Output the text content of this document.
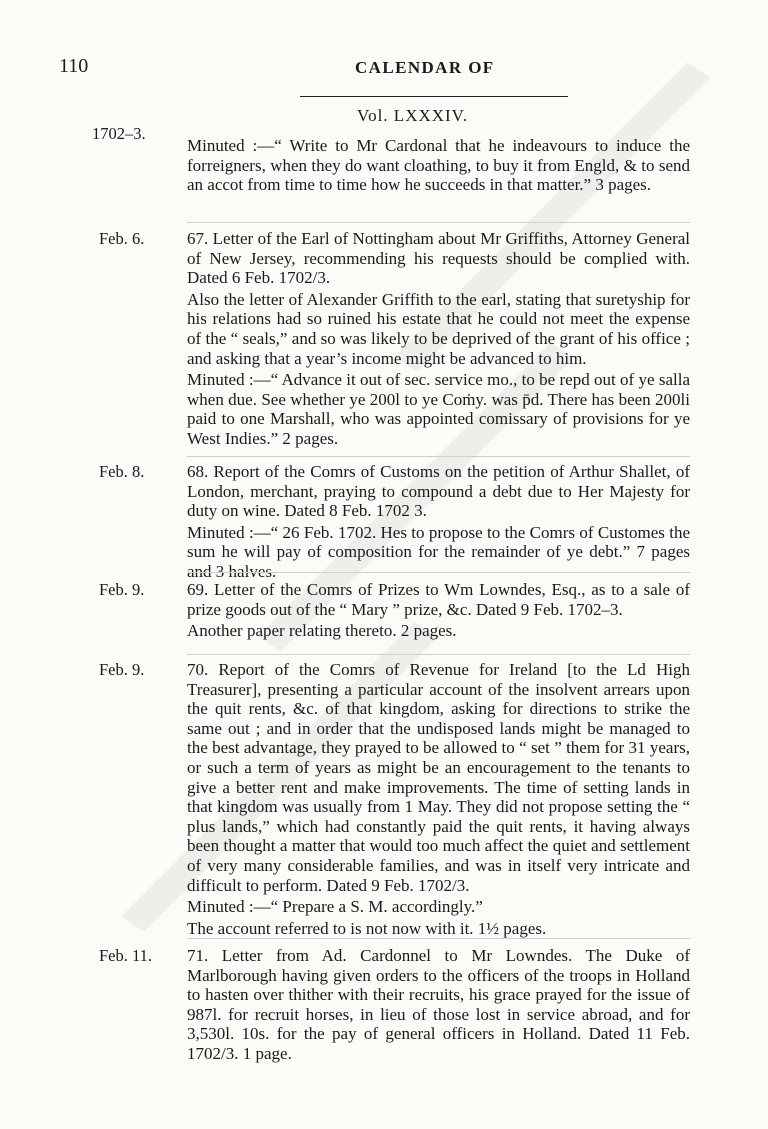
110	CALENDAR OF
Vol. LXXXIV.
1702–3.

Minuted :—“ Write to Mr Cardonal that he indeavours to induce the forreigners, when they do want cloathing, to buy it from Engld, & to send an accot from time to time how he succeeds in that matter.” 3 pages.

Feb. 6.	67. Letter of the Earl of Nottingham about Mr Griffiths, Attorney General of New Jersey, recommending his requests should be complied with. Dated 6 Feb. 1702/3.

Also the letter of Alexander Griffith to the earl, stating that suretyship for his relations had so ruined his estate that he could not meet the expense of the “ seals,” and so was likely to be deprived of the grant of his office ; and asking that a year’s income might be advanced to him.

Minuted :—“ Advance it out of sec. service mo., to be repd out of ye salla when due. See whether ye 200l to ye Coṁy. was p̄d. There has been 200li paid to one Marshall, who was appointed comissary of provisions for ye West Indies.” 2 pages.

Feb. 8.	68. Report of the Comrs of Customs on the petition of Arthur Shallet, of London, merchant, praying to compound a debt due to Her Majesty for duty on wine. Dated 8 Feb. 1702 3.

Minuted :—“ 26 Feb. 1702. Hes to propose to the Comrs of Customes the sum he will pay of composition for the remainder of ye debt.” 7 pages and 3 halves.

Feb. 9.	69. Letter of the Comrs of Prizes to Wm Lowndes, Esq., as to a sale of prize goods out of the “ Mary ” prize, &c. Dated 9 Feb. 1702–3.

Another paper relating thereto. 2 pages.

Feb. 9.	70. Report of the Comrs of Revenue for Ireland [to the Ld High Treasurer], presenting a particular account of the insolvent arrears upon the quit rents, &c. of that kingdom, asking for directions to strike the same out ; and in order that the undisposed lands might be managed to the best advantage, they prayed to be allowed to “ set ” them for 31 years, or such a term of years as might be an encouragement to the tenants to give a better rent and make improvements. The time of setting lands in that kingdom was usually from 1 May. They did not propose setting the “ plus lands,” which had constantly paid the quit rents, it having always been thought a matter that would too much affect the quiet and settlement of very many considerable families, and was in itself very intricate and difficult to perform. Dated 9 Feb. 1702/3.

Minuted :—“ Prepare a S. M. accordingly.”

The account referred to is not now with it. 1½ pages.

Feb. 11. 71. Letter from Ad. Cardonnel to Mr Lowndes. The Duke of Marlborough having given orders to the officers of the troops in Holland to hasten over thither with their recruits, his grace prayed for the issue of 987l. for recruit horses, in lieu of those lost in service abroad, and for 3,530l. 10s. for the pay of general officers in Holland. Dated 11 Feb. 1702/3. 1 page.
